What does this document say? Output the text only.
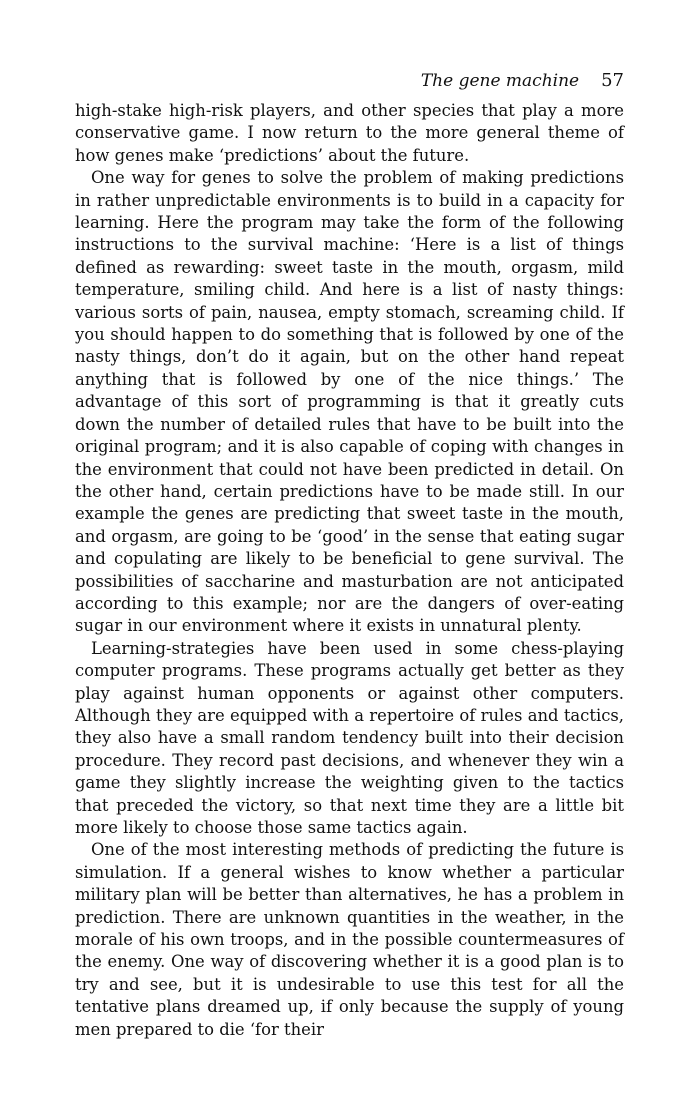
The gene machine 57

high-stake high-risk players, and other species that play a more conservative game. I now return to the more general theme of how genes make ‘predictions’ about the future.

One way for genes to solve the problem of making predictions in rather unpredictable environments is to build in a capacity for learning. Here the program may take the form of the following instructions to the survival machine: ‘Here is a list of things defined as rewarding: sweet taste in the mouth, orgasm, mild temperature, smiling child. And here is a list of nasty things: various sorts of pain, nausea, empty stomach, screaming child. If you should happen to do something that is followed by one of the nasty things, don’t do it again, but on the other hand repeat anything that is followed by one of the nice things.’ The advantage of this sort of programming is that it greatly cuts down the number of detailed rules that have to be built into the original program; and it is also capable of coping with changes in the environment that could not have been predicted in detail. On the other hand, certain predictions have to be made still. In our example the genes are predicting that sweet taste in the mouth, and orgasm, are going to be ‘good’ in the sense that eating sugar and copulating are likely to be beneficial to gene survival. The possibilities of saccharine and masturbation are not anticipated according to this example; nor are the dangers of over-eating sugar in our environment where it exists in unnatural plenty.

Learning-strategies have been used in some chess-playing computer programs. These programs actually get better as they play against human opponents or against other computers. Although they are equipped with a repertoire of rules and tactics, they also have a small random tendency built into their decision procedure. They record past decisions, and whenever they win a game they slightly increase the weighting given to the tactics that preceded the victory, so that next time they are a little bit more likely to choose those same tactics again.

One of the most interesting methods of predicting the future is simulation. If a general wishes to know whether a particular military plan will be better than alternatives, he has a problem in prediction. There are unknown quantities in the weather, in the morale of his own troops, and in the possible countermeasures of the enemy. One way of discovering whether it is a good plan is to try and see, but it is undesirable to use this test for all the tentative plans dreamed up, if only because the supply of young men prepared to die ‘for their
